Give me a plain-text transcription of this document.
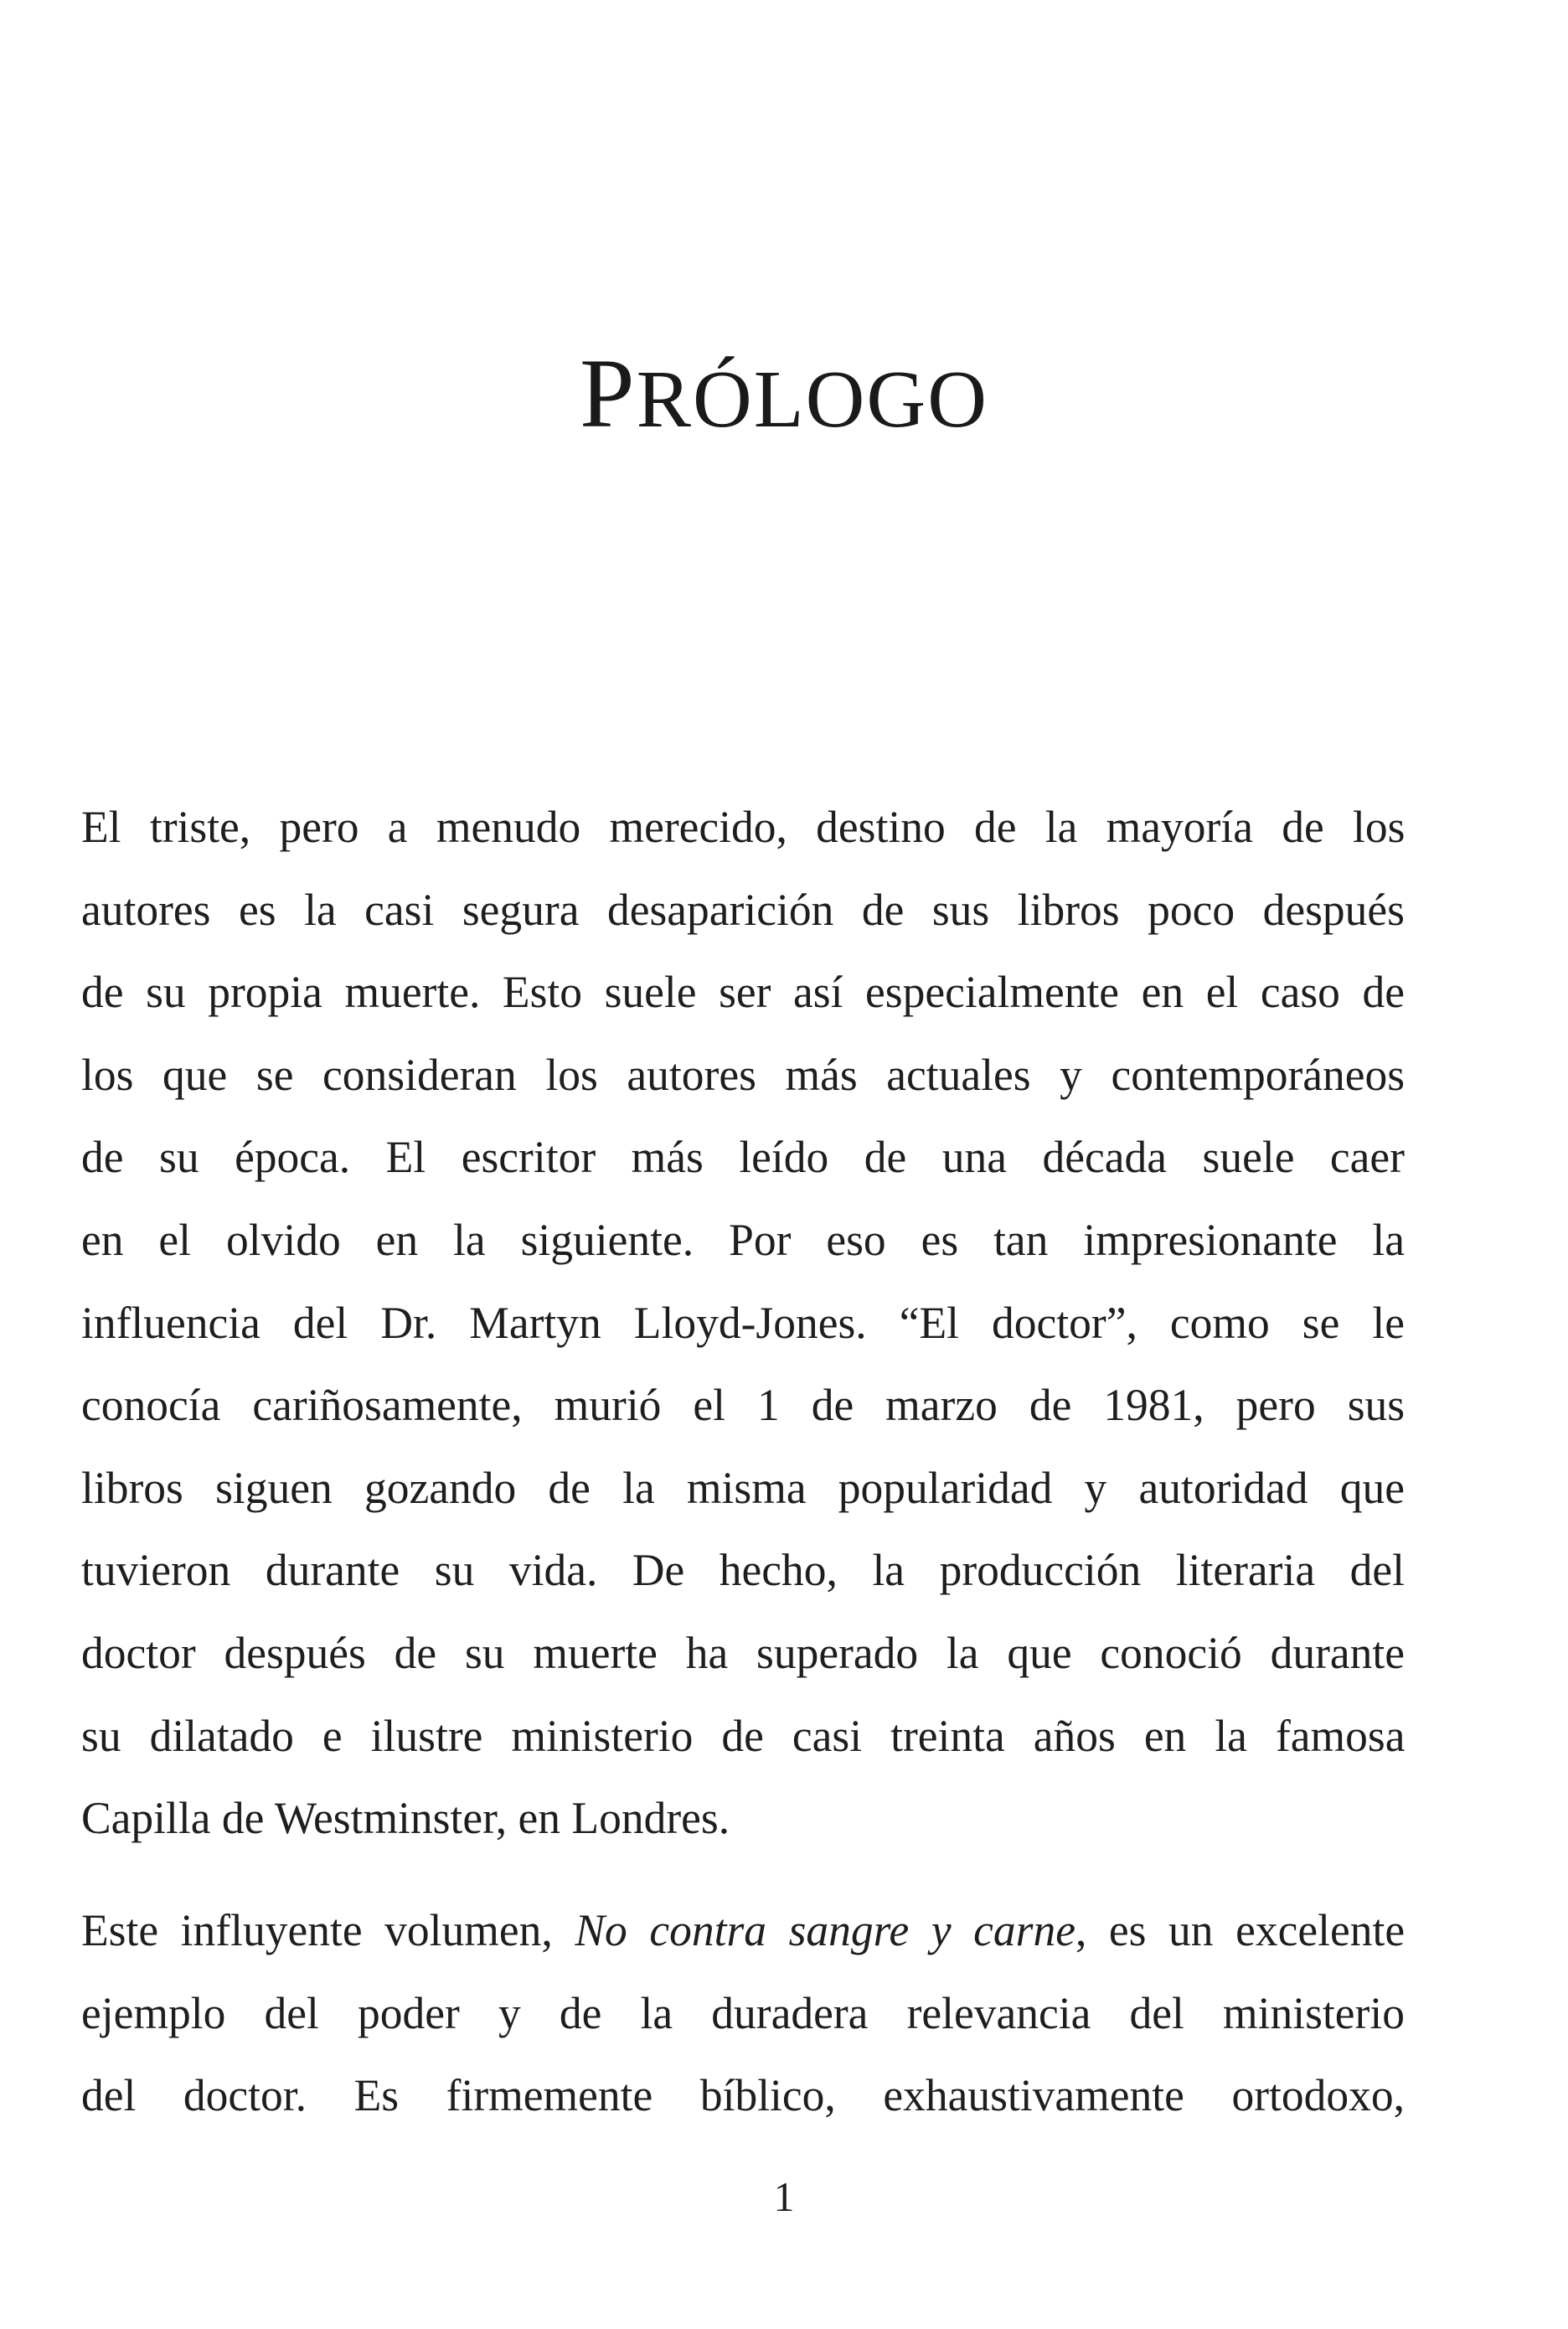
PRÓLOGO
El triste, pero a menudo merecido, destino de la mayoría de los
autores es la casi segura desaparición de sus libros poco después
de su propia muerte. Esto suele ser así especialmente en el caso de
los que se consideran los autores más actuales y contemporáneos
de su época. El escritor más leído de una década suele caer
en el olvido en la siguiente. Por eso es tan impresionante la
influencia del Dr. Martyn Lloyd-Jones. “El doctor”, como se le
conocía cariñosamente, murió el 1 de marzo de 1981, pero sus
libros siguen gozando de la misma popularidad y autoridad que
tuvieron durante su vida. De hecho, la producción literaria del
doctor después de su muerte ha superado la que conoció durante
su dilatado e ilustre ministerio de casi treinta años en la famosa
Capilla de Westminster, en Londres.
Este influyente volumen, No contra sangre y carne, es un excelente
ejemplo del poder y de la duradera relevancia del ministerio
del doctor. Es firmemente bíblico, exhaustivamente ortodoxo,
1
